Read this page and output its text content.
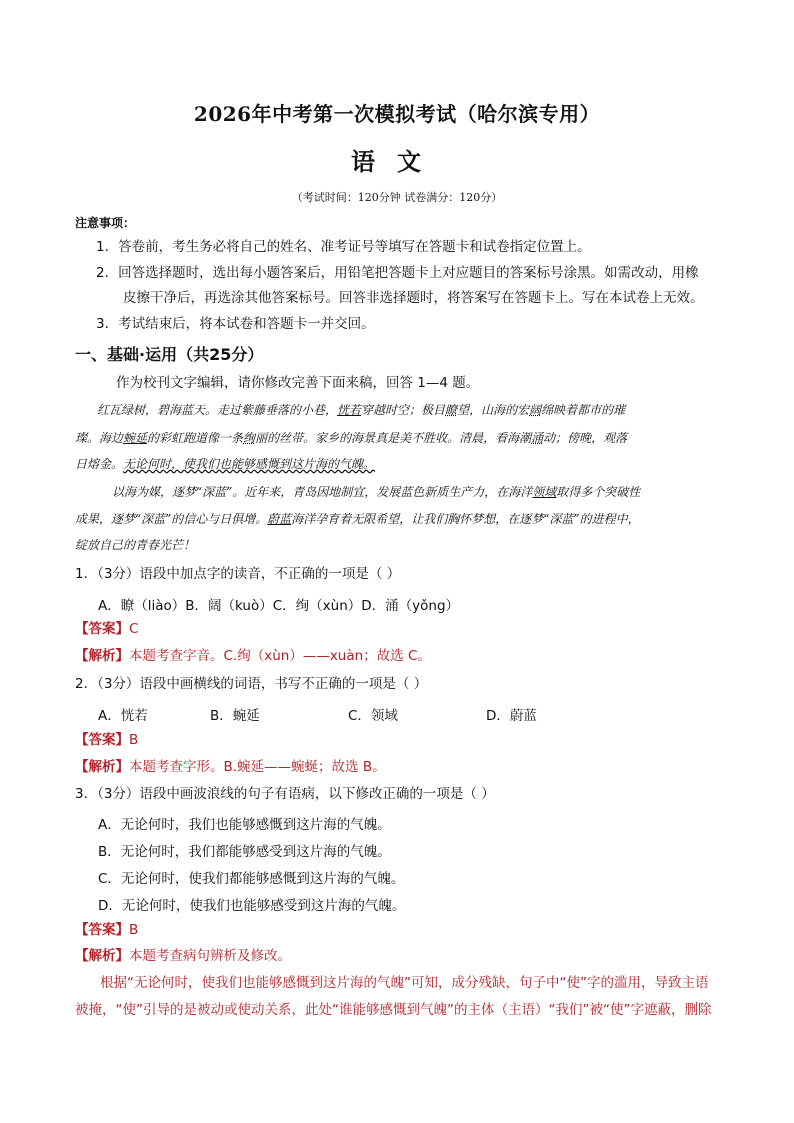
2026年中考第一次模拟考试（哈尔滨专用）
语文
（考试时间：120分钟 试卷满分：120分）
注意事项：
1．答卷前，考生务必将自己的姓名、准考证号等填写在答题卡和试卷指定位置上。
2．回答选择题时，选出每小题答案后，用铅笔把答题卡上对应题目的答案标号涂黑。如需改动，用橡
皮擦干净后，再选涂其他答案标号。回答非选择题时，将答案写在答题卡上。写在本试卷上无效。
3．考试结束后，将本试卷和答题卡一并交回。
一、基础·运用（共25分）
作为校刊文字编辑，请你修改完善下面来稿，回答 1—4 题。
红瓦绿树，碧海蓝天。走过紫藤垂落的小巷，恍若穿越时空；极目瞭望，山海的宏阔绵映着都市的璀
璨。海边蜿延的彩虹跑道像一条绚丽的丝带。家乡的海景真是美不胜收。清晨，看海潮涌动；傍晚，观落
日熔金。无论何时，使我们也能够感慨到这片海的气魄。
以海为媒，逐梦“深蓝”。近年来，青岛因地制宜，发展蓝色新质生产力，在海洋领域取得多个突破性
成果，逐梦“深蓝”的信心与日俱增。蔚蓝海洋孕育着无限希望，让我们胸怀梦想，在逐梦“深蓝”的进程中，
绽放自己的青春光芒！
1．（3分）语段中加点字的读音，不正确的一项是（ ）
A．瞭（liào）B．阔（kuò）C．绚（xùn）D．涌（yǒng）
【答案】C
【解析】本题考查字音。C.绚（xùn）——xuàn；故选 C。
2．（3分）语段中画横线的词语，书写不正确的一项是（ ）
A．恍若	B．蜿延	C．领域	D．蔚蓝
【答案】B
【解析】本题考查字形。B.蜿延——蜿蜒；故选 B。
3．（3分）语段中画波浪线的句子有语病，以下修改正确的一项是（ ）
A．无论何时，我们也能够感慨到这片海的气魄。
B．无论何时，我们都能够感受到这片海的气魄。
C．无论何时，使我们都能够感慨到这片海的气魄。
D．无论何时，使我们也能够感受到这片海的气魄。
【答案】B
【解析】本题考查病句辨析及修改。
根据“无论何时，使我们也能够感慨到这片海的气魄”可知，成分残缺，句子中“使”字的滥用，导致主语
被掩，“使”引导的是被动或使动关系，此处“谁能够感慨到气魄”的主体（主语）“我们”被“使”字遮蔽，删除
